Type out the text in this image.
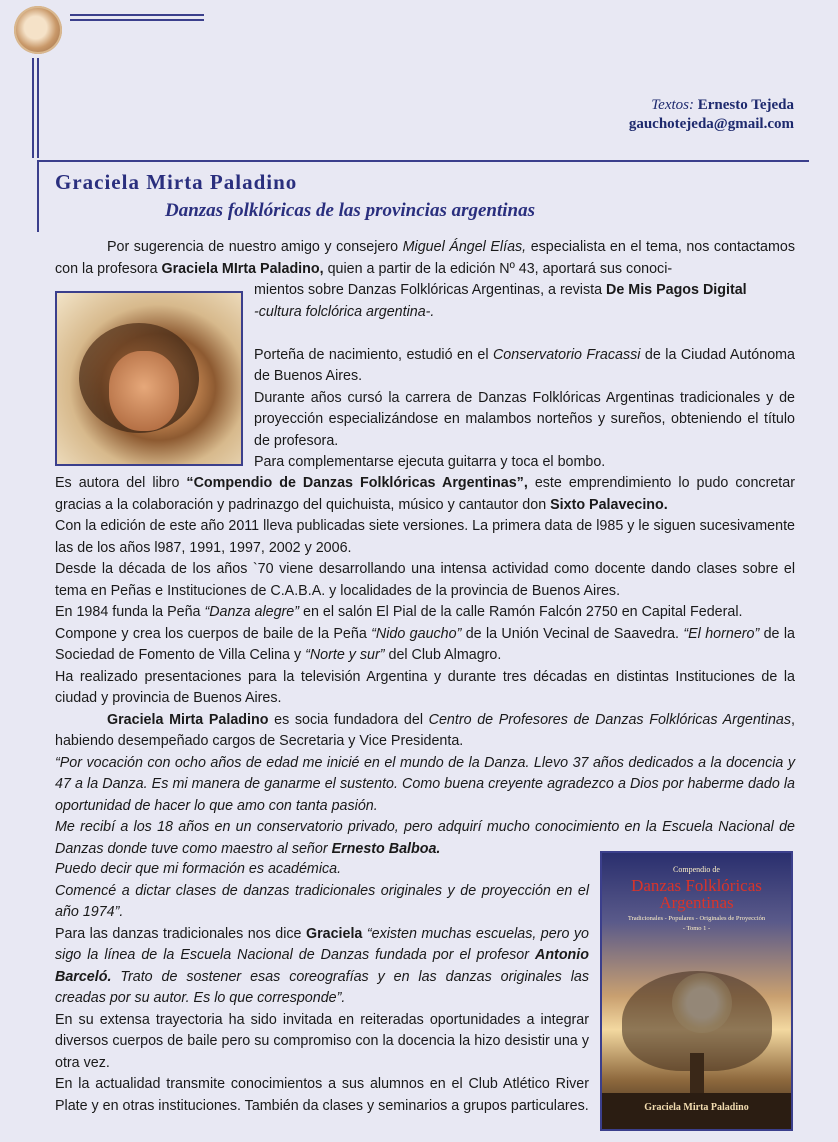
Textos: Ernesto Tejeda
gauchotejeda@gmail.com
Graciela Mirta Paladino
Danzas folklóricas de las provincias argentinas

Por sugerencia de nuestro amigo y consejero Miguel Ángel Elías, especialista en el tema, nos contactamos con la profesora Graciela MIrta Paladino, quien a partir de la edición Nº 43, aportará sus conoci-

mientos sobre Danzas Folklóricas Argentinas, a revista De Mis Pagos Digital

-cultura folclórica argentina-.

Porteña de nacimiento, estudió en el Conservatorio Fracassi de la Ciudad Autónoma de Buenos Aires.

Durante años cursó la carrera de Danzas Folklóricas Argentinas tradicionales y de proyección especializándose en malambos norteños y sureños, obteniendo el título de profesora.

Para complementarse ejecuta guitarra y toca el bombo.

Es autora del libro “Compendio de Danzas Folklóricas Argentinas”, este emprendimiento lo pudo concretar gracias a la colaboración y padrinazgo del quichuista, músico y cantautor don Sixto Palavecino.

Con la edición de este año 2011 lleva publicadas siete versiones. La primera data de l985 y le siguen sucesivamente las de los años l987, 1991, 1997, 2002 y 2006.

Desde la década de los años `70 viene desarrollando una intensa actividad como docente dando clases sobre el tema en Peñas e Instituciones de C.A.B.A. y localidades de la provincia de Buenos Aires.

En 1984 funda la Peña “Danza alegre” en el salón El Pial de la calle Ramón Falcón 2750 en Capital Federal.

Compone y crea los cuerpos de baile de la Peña “Nido gaucho” de la Unión Vecinal de Saavedra. “El hornero” de la Sociedad de Fomento de Villa Celina y “Norte y sur” del Club Almagro.

Ha realizado presentaciones para la televisión Argentina y durante tres décadas en distintas Instituciones de la ciudad y provincia de Buenos Aires.

Graciela Mirta Paladino es socia fundadora del Centro de Profesores de Danzas Folklóricas Argentinas, habiendo desempeñado cargos de Secretaria y Vice Presidenta.

“Por vocación con ocho años de edad me inicié en el mundo de la Danza. Llevo 37 años dedicados a la docencia y 47 a la Danza. Es mi manera de ganarme el sustento. Como buena creyente agradezco a Dios por haberme dado la oportunidad de hacer lo que amo con tanta pasión.

Me recibí a los 18 años en un conservatorio privado, pero adquirí mucho conocimiento en la Escuela Nacional de Danzas donde tuve como maestro al señor Ernesto Balboa.

Puedo decir que mi formación es académica.

Comencé a dictar clases de danzas tradicionales originales y de proyección en el año 1974”.

Para las danzas tradicionales nos dice Graciela “existen muchas escuelas, pero yo sigo la línea de la Escuela Nacional de Danzas fundada por el profesor Antonio Barceló. Trato de sostener esas coreografías y en las danzas originales las creadas por su autor. Es lo que corresponde”.

En su extensa trayectoria ha sido invitada en reiteradas oportunidades a integrar diversos cuerpos de baile pero su compromiso con la docencia la hizo desistir una y otra vez.

En la actualidad transmite conocimientos a sus alumnos en el Club Atlético River Plate y en otras instituciones. También da clases y seminarios a grupos particulares.

Compendio de
Danzas Folklóricas
Argentinas
Tradicionales - Populares - Originales de Proyección
- Tomo 1 -
Graciela Mirta Paladino
